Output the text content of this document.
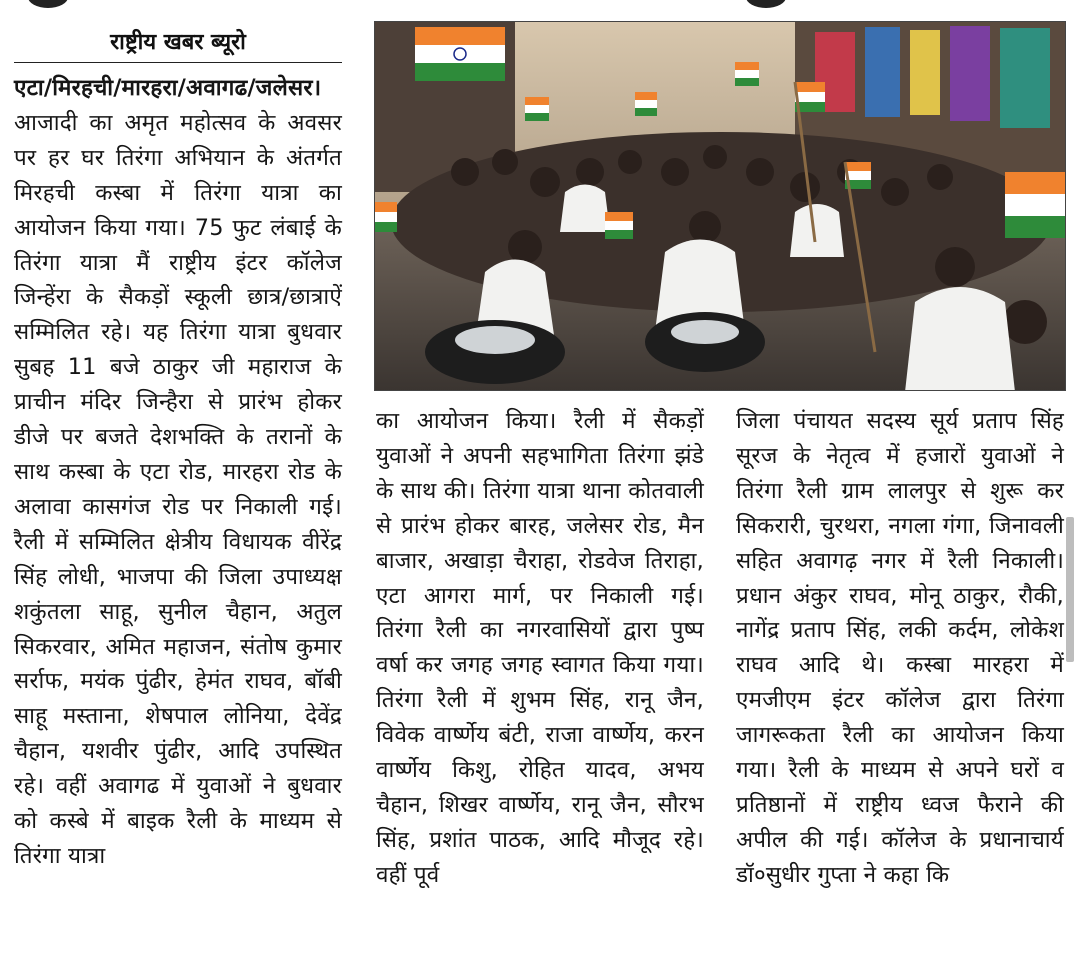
राष्ट्रीय खबर ब्यूरो

एटा/मिरहची/मारहरा/अवागढ/जलेसर। आजादी का अमृत महोत्सव के अवसर पर हर घर तिरंगा अभियान के अंतर्गत मिरहची कस्बा में तिरंगा यात्रा का आयोजन किया गया। 75 फुट लंबाई के तिरंगा यात्रा मैं राष्ट्रीय इंटर कॉलेज जिन्हेंरा के सैकड़ों स्कूली छात्र/छात्राऐं सम्मिलित रहे। यह तिरंगा यात्रा बुधवार सुबह 11 बजे ठाकुर जी महाराज के प्राचीन मंदिर जिन्हैरा से प्रारंभ होकर डीजे पर बजते देशभक्ति के तरानों के साथ कस्बा के एटा रोड, मारहरा रोड के अलावा कासगंज रोड पर निकाली गई। रैली में सम्मिलित क्षेत्रीय विधायक वीरेंद्र सिंह लोधी, भाजपा की जिला उपाध्यक्ष शकुंतला साहू, सुनील चैहान, अतुल सिकरवार, अमित महाजन, संतोष कुमार सर्राफ, मयंक पुंढीर, हेमंत राघव, बॉबी साहू मस्ताना, शेषपाल लोनिया, देवेंद्र चैहान, यशवीर पुंढीर, आदि उपस्थित रहे। वहीं अवागढ में युवाओं ने बुधवार को कस्बे में बाइक रैली के माध्यम से तिरंगा यात्रा

का आयोजन किया। रैली में सैकड़ों युवाओं ने अपनी सहभागिता तिरंगा झंडे के साथ की। तिरंगा यात्रा थाना कोतवाली से प्रारंभ होकर बारह, जलेसर रोड, मैन बाजार, अखाड़ा चैराहा, रोडवेज तिराहा, एटा आगरा मार्ग, पर निकाली गई। तिरंगा रैली का नगरवासियों द्वारा पुष्प वर्षा कर जगह जगह स्वागत किया गया। तिरंगा रैली में शुभम सिंह, रानू जैन, विवेक वार्ष्णेय बंटी, राजा वार्ष्णेय, करन वार्ष्णेय किशु, रोहित यादव, अभय चैहान, शिखर वार्ष्णेय, रानू जैन, सौरभ सिंह, प्रशांत पाठक, आदि मौजूद रहे। वहीं पूर्व

जिला पंचायत सदस्य सूर्य प्रताप सिंह सूरज के नेतृत्व में हजारों युवाओं ने तिरंगा रैली ग्राम लालपुर से शुरू कर सिकरारी, चुरथरा, नगला गंगा, जिनावली सहित अवागढ़ नगर में रैली निकाली। प्रधान अंकुर राघव, मोनू ठाकुर, रौकी, नागेंद्र प्रताप सिंह, लकी कर्दम, लोकेश राघव आदि थे। कस्बा मारहरा में एमजीएम इंटर कॉलेज द्वारा तिरंगा जागरूकता रैली का आयोजन किया गया। रैली के माध्यम से अपने घरों व प्रतिष्ठानों में राष्ट्रीय ध्वज फैराने की अपील की गई। कॉलेज के प्रधानाचार्य डॉ०सुधीर गुप्ता ने कहा कि
